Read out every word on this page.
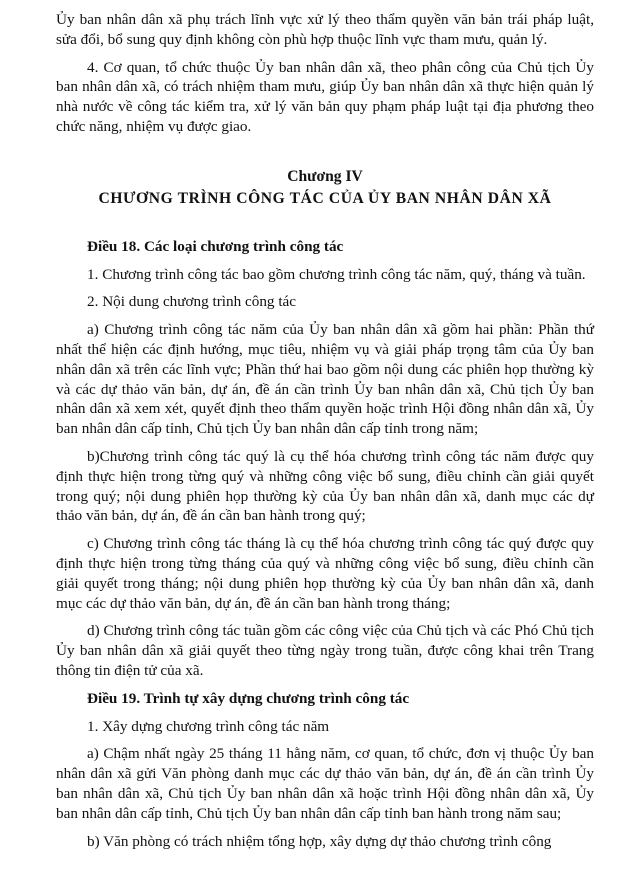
Ủy ban nhân dân xã phụ trách lĩnh vực xử lý theo thẩm quyền văn bản trái pháp luật, sửa đổi, bổ sung quy định không còn phù hợp thuộc lĩnh vực tham mưu, quản lý.

4. Cơ quan, tổ chức thuộc Ủy ban nhân dân xã, theo phân công của Chủ tịch Ủy ban nhân dân xã, có trách nhiệm tham mưu, giúp Ủy ban nhân dân xã thực hiện quản lý nhà nước về công tác kiểm tra, xử lý văn bản quy phạm pháp luật tại địa phương theo chức năng, nhiệm vụ được giao.

Chương IV
CHƯƠNG TRÌNH CÔNG TÁC CỦA ỦY BAN NHÂN DÂN XÃ

Điều 18. Các loại chương trình công tác

1. Chương trình công tác bao gồm chương trình công tác năm, quý, tháng và tuần.

2. Nội dung chương trình công tác

a) Chương trình công tác năm của Ủy ban nhân dân xã gồm hai phần: Phần thứ nhất thể hiện các định hướng, mục tiêu, nhiệm vụ và giải pháp trọng tâm của Ủy ban nhân dân xã trên các lĩnh vực; Phần thứ hai bao gồm nội dung các phiên họp thường kỳ và các dự thảo văn bản, dự án, đề án cần trình Ủy ban nhân dân xã, Chủ tịch Ủy ban nhân dân xã xem xét, quyết định theo thẩm quyền hoặc trình Hội đồng nhân dân xã, Ủy ban nhân dân cấp tỉnh, Chủ tịch Ủy ban nhân dân cấp tỉnh trong năm;

b)Chương trình công tác quý là cụ thể hóa chương trình công tác năm được quy định thực hiện trong từng quý và những công việc bổ sung, điều chỉnh cần giải quyết trong quý; nội dung phiên họp thường kỳ của Ủy ban nhân dân xã, danh mục các dự thảo văn bản, dự án, đề án cần ban hành trong quý;

c) Chương trình công tác tháng là cụ thể hóa chương trình công tác quý được quy định thực hiện trong từng tháng của quý và những công việc bổ sung, điều chỉnh cần giải quyết trong tháng; nội dung phiên họp thường kỳ của Ủy ban nhân dân xã, danh mục các dự thảo văn bản, dự án, đề án cần ban hành trong tháng;

d) Chương trình công tác tuần gồm các công việc của Chủ tịch và các Phó Chủ tịch Ủy ban nhân dân xã giải quyết theo từng ngày trong tuần, được công khai trên Trang thông tin điện tử của xã.

Điều 19. Trình tự xây dựng chương trình công tác

1. Xây dựng chương trình công tác năm

a) Chậm nhất ngày 25 tháng 11 hằng năm, cơ quan, tổ chức, đơn vị thuộc Ủy ban nhân dân xã gửi Văn phòng danh mục các dự thảo văn bản, dự án, đề án cần trình Ủy ban nhân dân xã, Chủ tịch Ủy ban nhân dân xã hoặc trình Hội đồng nhân dân xã, Ủy ban nhân dân cấp tỉnh, Chủ tịch Ủy ban nhân dân cấp tỉnh ban hành trong năm sau;

b) Văn phòng có trách nhiệm tổng hợp, xây dựng dự thảo chương trình công
